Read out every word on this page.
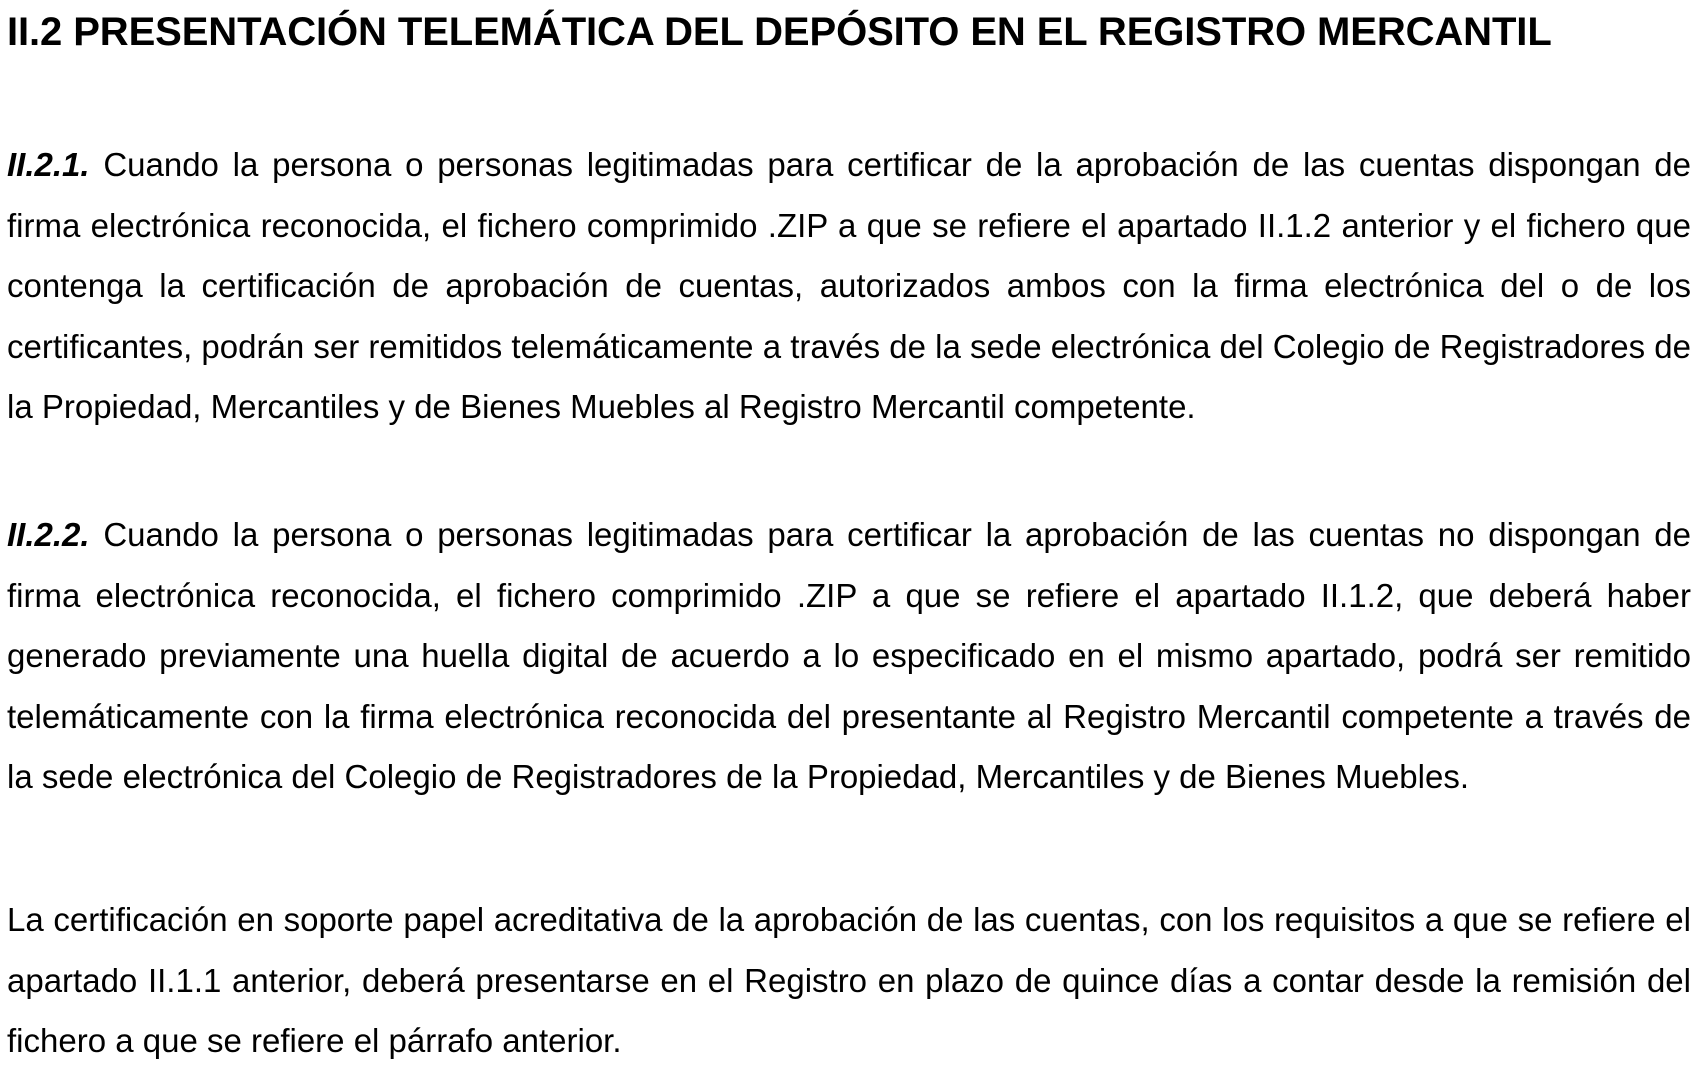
II.2 PRESENTACIÓN TELEMÁTICA DEL DEPÓSITO EN EL REGISTRO MERCANTIL

II.2.1. Cuando la persona o personas legitimadas para certificar de la aprobación de las cuentas dispongan de firma electrónica reconocida, el fichero comprimido .ZIP a que se refiere el apartado II.1.2 anterior y el fichero que contenga la certificación de aprobación de cuentas, autorizados ambos con la firma electrónica del o de los certificantes, podrán ser remitidos telemáticamente a través de la sede electrónica del Colegio de Registradores de la Propiedad, Mercantiles y de Bienes Muebles al Registro Mercantil competente.

II.2.2. Cuando la persona o personas legitimadas para certificar la aprobación de las cuentas no dispongan de firma electrónica reconocida, el fichero comprimido .ZIP a que se refiere el apartado II.1.2, que deberá haber generado previamente una huella digital de acuerdo a lo especificado en el mismo apartado, podrá ser remitido telemáticamente con la firma electrónica reconocida del presentante al Registro Mercantil competente a través de la sede electrónica del Colegio de Registradores de la Propiedad, Mercantiles y de Bienes Muebles.

La certificación en soporte papel acreditativa de la aprobación de las cuentas, con los requisitos a que se refiere el apartado II.1.1 anterior, deberá presentarse en el Registro en plazo de quince días a contar desde la remisión del fichero a que se refiere el párrafo anterior.
